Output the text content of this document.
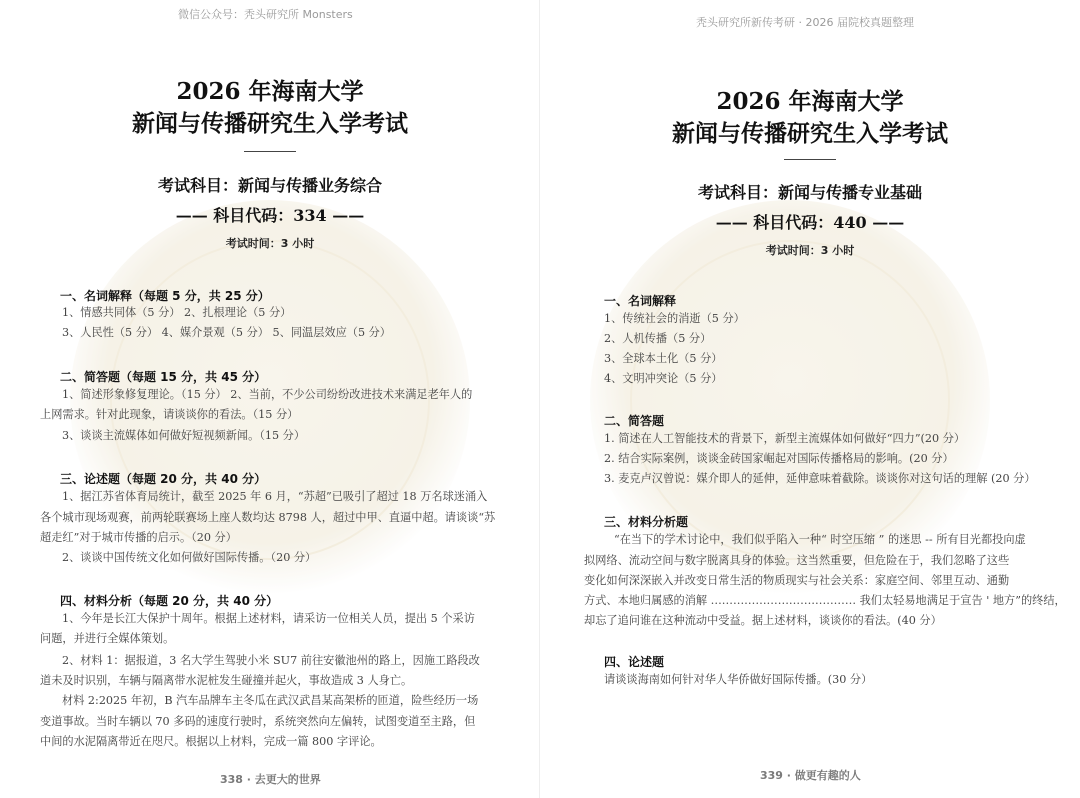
微信公众号：秃头研究所 Monsters
2026 年海南大学
新闻与传播研究生入学考试
考试科目：新闻与传播业务综合
—— 科目代码：334 ——
考试时间：3 小时
一、名词解释（每题 5 分，共 25 分）
1、情感共同体（5 分） 2、扎根理论（5 分）
3、人民性（5 分） 4、媒介景观（5 分） 5、同温层效应（5 分）
二、简答题（每题 15 分，共 45 分）
1、简述形象修复理论。（15 分） 2、当前，不少公司纷纷改进技术来满足老年人的
上网需求。针对此现象，请谈谈你的看法。（15 分）
3、谈谈主流媒体如何做好短视频新闻。（15 分）
三、论述题（每题 20 分，共 40 分）
1、据江苏省体育局统计，截至 2025 年 6 月，“苏超”已吸引了超过 18 万名球迷涌入
各个城市现场观赛，前两轮联赛场上座人数均达 8798 人，超过中甲、直逼中超。请谈谈“苏
超走红”对于城市传播的启示。（20 分）
2、谈谈中国传统文化如何做好国际传播。（20 分）
四、材料分析（每题 20 分，共 40 分）
1、今年是长江大保护十周年。根据上述材料，请采访一位相关人员，提出 5 个采访
问题，并进行全媒体策划。
2、材料 1：据报道，3 名大学生驾驶小米 SU7 前往安徽池州的路上，因施工路段改
道未及时识别，车辆与隔离带水泥桩发生碰撞并起火，事故造成 3 人身亡。
材料 2:2025 年初，B 汽车品牌车主冬瓜在武汉武昌某高架桥的匝道，险些经历一场
变道事故。当时车辆以 70 多码的速度行驶时，系统突然向左偏转，试图变道至主路，但
中间的水泥隔离带近在咫尺。根据以上材料，完成一篇 800 字评论。
338 · 去更大的世界
秃头研究所新传考研 · 2026 届院校真题整理
2026 年海南大学
新闻与传播研究生入学考试
考试科目：新闻与传播专业基础
—— 科目代码：440 ——
考试时间：3 小时
一、名词解释
1、传统社会的消逝（5 分）
2、人机传播（5 分）
3、全球本土化（5 分）
4、文明冲突论（5 分）
二、简答题
1. 简述在人工智能技术的背景下，新型主流媒体如何做好“四力”(20 分）
2. 结合实际案例，谈谈金砖国家崛起对国际传播格局的影响。(20 分）
3. 麦克卢汉曾说：媒介即人的延伸，延伸意味着截除。谈谈你对这句话的理解 (20 分）
三、材料分析题
“在当下的学术讨论中，我们似乎陷入一种“ 时空压缩 ” 的迷思 -- 所有目光都投向虚
拟网络、流动空间与数字脱离具身的体验。这当然重要，但危险在于，我们忽略了这些
变化如何深深嵌入并改变日常生活的物质现实与社会关系：家庭空间、邻里互动、通勤
方式、本地归属感的消解 ………………………………… 我们太轻易地满足于宣告 ' 地方”的终结，
却忘了追问谁在这种流动中受益。据上述材料，谈谈你的看法。(40 分）
四、论述题
请谈谈海南如何针对华人华侨做好国际传播。(30 分）
339 · 做更有趣的人
